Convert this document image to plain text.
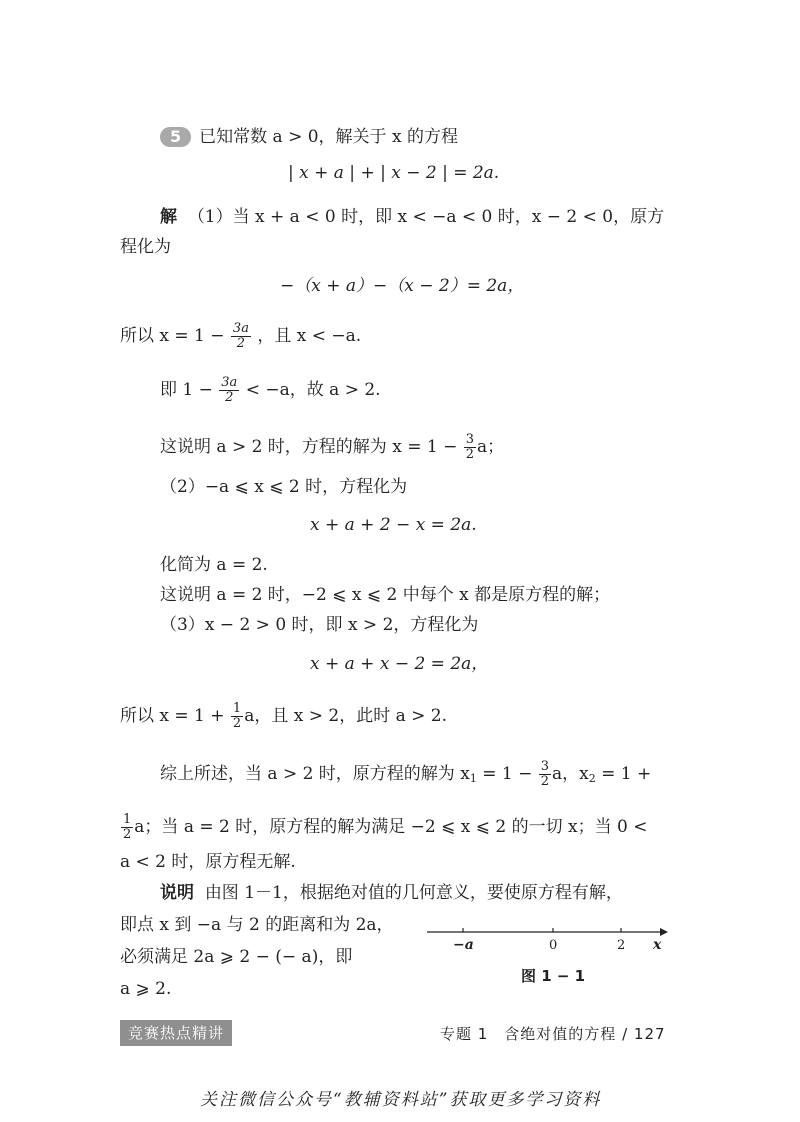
5 已知常数 a > 0，解关于 x 的方程
| x + a | + | x − 2 | = 2a.
解 （1）当 x + a < 0 时，即 x < −a < 0 时，x − 2 < 0，原方
程化为
−（x + a）−（x − 2）= 2a，
所以 $x = 1 - \frac{3a}{2}$ ，且 x < −a.
即 $1 - \frac{3a}{2} < -a$，故 a > 2.
这说明 a > 2 时，方程的解为 $x = 1 - \frac{3}{2}$ a；
（2）−a ⩽ x ⩽ 2 时，方程化为
x + a + 2 − x = 2a.
化简为 a = 2.
这说明 a = 2 时，−2 ⩽ x ⩽ 2 中每个 x 都是原方程的解；
（3）x − 2 > 0 时，即 x > 2，方程化为
x + a + x − 2 = 2a，
所以 $x = 1 + \frac{1}{2}$ a，且 x > 2，此时 a > 2.
综上所述，当 a > 2 时，原方程的解为 $x_1 = 1 - \frac{3}{2}$ a，$x_2 = 1$ +
$\frac{1}{2}$ a；当 a = 2 时，原方程的解为满足 −2 ⩽ x ⩽ 2 的一切 x；当 0 <
a < 2 时，原方程无解.
说明 由图 1－1，根据绝对值的几何意义，要使原方程有解，
即点 x 到 −a 与 2 的距离和为 2a，
必须满足 2a ⩾ 2 − (− a)，即
a ⩾ 2.
−a	0	2 x
图 1 − 1
竞赛热点精讲	专题 1　含绝对值的方程 / 127
关注微信公众号“教辅资料站”获取更多学习资料
